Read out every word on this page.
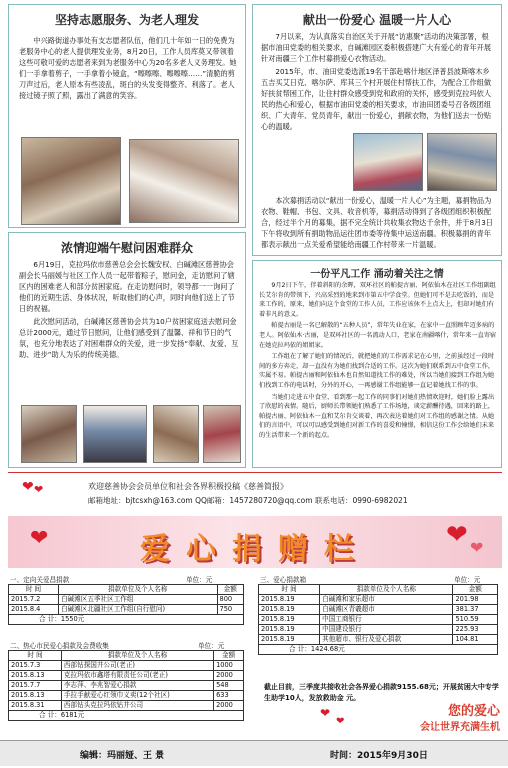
坚持志愿服务、为老人理发

中兴路街道办事处有支志愿者队伍，他们几十年如一日的免费为老服务中心的老人提供理发业务，8月20日，工作人员库莫又带领着这些可敬可爱的志愿者来到为老服务中心为20名多老人义务理发。她们一手拿着剪子，一手拿着小镜盒，“嚓嚓嚓、嚓嚓嚓……”清脆的剪刀声过后，老人原本有些凌乱，斑白的头发变得整齐、利落了。老人接过镜子照了照，露出了满意的笑容。

献出一份爱心 温暖一片人心

7月以来，为认真落实自治区关于开展“访惠聚”活动的决策部署，根据市油田党委的相关要求，自碱滩园区委积极搭建广大有爱心的青年开展针对南疆三个工作村募捐爱心衣物活动。

2015年，市、油田党委选派19名干部赴喀什地区泽普县波斯喀木乡五吉买艾日克、喀尔萨、库其三个村开展住村帮扶工作，为配合工作组做好扶贫帮困工作，让住村群众感受到党和政府的关怀，感受到克拉玛依人民的热心和爱心，根据市油田党委的相关要求，市油田团委号召各级团组织、广大青年、党员青年，献出一份爱心，捐献衣物，为他们送去一份贴心的温暖。

本次募捐活动以“献出一份爱心，温暖一片人心”为主题，募捐物品为衣物、鞋帽、书包、文具、收音机等，募捐活动得到了各级团组织积极配合，经过半个月的募集，据不完全统计共收集衣物达千余件，并于8月3日下午将收到所有捐助物品运往团市委等待集中运送南疆。积极募捐的青年都表示献出一点关爱希望能给南疆工作村带来一片温暖。

浓情迎端午慰问困难群众

6月19日，克拉玛依市慈善总会会长魏安权、白碱滩区慈善协会副会长马丽媛与社区工作人员一起带着粽子，慰问金，走访慰问了辖区内的困难老人和部分贫困家庭。在走访慰问时，领导都一一询问了他们的近期生活、身体状况，听取他们的心声，同时向他们送上了节日的祝福。

此次慰问活动，白碱滩区慈善协会共为10户贫困家庭送去慰问金总计2000元，通过节日慰问，让他们感受到了温馨、祥和节日的气氛，也充分地表达了对困难群众的关爱，进一步发扬“奉献、友爱、互助、进步”助人为乐的传统美德。

一份平凡工作 涌动着关注之情

9月2日下午，伴着斜阳的余晖，双环社区的帕提古丽、阿依仙木在社区工作组副组长艾尔肯的带领下，兴高采烈的地来到市第五中学食堂。但她们可不是去吃饭的，而是来工作的，原来，她们向这个食堂的工作人员，工作应该休不上点大上，但却对她们有着非凡的意义。

帕提古丽是一名已解散的“五种人员”，常年失业在家，在家中一直照顾年迈多病的老人。阿依仙木·古丽，是双环社区的一名流动人口，老家在南疆喀什，常年来一直寄宿在她克拉玛依的姐姐家。

工作组在了解了她们的情况后，就把她们的工作需求记在心里，之前虽经过一段时间的多方奔走，却一直没有为她们找到合适的工作。这次为她们联系到五中食堂工作，实属不易。帕提古丽和阿依仙木也自然知道找工作的难处，所以当她们接到工作组为她们找到工作的电话时，分外的开心，一再感谢工作组能够一直记着她找工作的事。

当她们走进五中食堂，看到那一起工作的同事们对她们热情欢迎时，她们脸上露出了欣慰的表情。随后，厨师长带领她们熟悉了工作场地，谈定薪酬待遇，回来的路上，帕提古丽、阿依仙木一直和艾尔肯交谈着，再次表达着她们对工作组的感谢之情。从她们的言语中，可以可以感受到她们对新工作的喜爱和憧憬，相信这份工作会给她们未来的生活带来一个新的起点。

❤ ❤	欢迎慈善协会会员单位和社会各界积极投稿《慈善简报》
邮箱地址：bjtcsxh@163.com QQ邮箱：1457280720@qq.com 联系电话：0990-6982021
❤	❤ ❤
爱心捐赠栏
一、定向关爱昌捐款	单位：元
时 间	捐款单位及个人名称	金额
2015.7.2	白碱滩区五季社区工作组	800
2015.8.4	白碱滩区北疆社区工作组(自行慰问)	750
合 计：1550元		
二、热心市民爱心捐款及会费收集	单位：元
时 间	捐款单位及个人名称	金额
2015.7.3	西部钻探国井公司(老正)	1000
2015.8.13	克拉玛依市鑫塔有限责任公司(老正)	2000
2015.7.7	李志萍、李兆智爱心捐款	548
2015.8.13	手拉手献爱心红领巾义卖(12个社区)	633
2015.8.31	西部钻头克拉玛依钻井公司	2000
合 计：6181元		
三、爱心捐款箱	单位：元
时 间	捐款单位及个人名称	金额
2015.8.19	白碱滩和家乐超市	201.98
2015.8.19	白碱滩区青羲超市	381.37
2015.8.19	中国工商银行	510.59
2015.8.19	中国建设银行	225.93
2015.8.19	其他超市、银行及爱心捐款	104.81
合 计：1424.68元		
截止目前，三季度共接收社会各界爱心捐款9155.68元；开展贫困大中专学生助学10人，发放救助金 元。
❤
❤
您的爱心
会让世界充满生机
编辑：玛丽娅、王 景	时间：2015年9月30日
